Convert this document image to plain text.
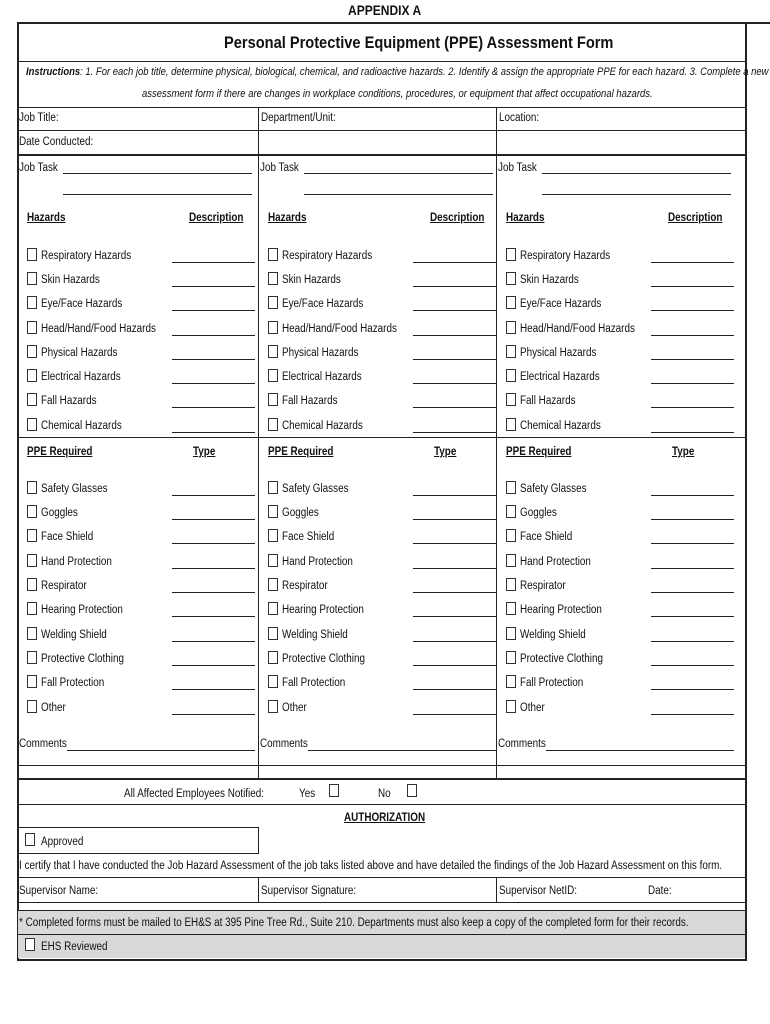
APPENDIX A
Personal Protective Equipment (PPE) Assessment Form
Instructions: 1. For each job title, determine physical, biological, chemical, and radioactive hazards. 2. Identify & assign the appropriate PPE for each hazard. 3. Complete a new
assessment form if there are changes in workplace conditions, procedures, or equipment that affect occupational hazards.
Job Title:	Department/Unit:	Location:
Date Conducted:
Job Task
Hazards	Description
Respiratory Hazards
Skin Hazards
Eye/Face Hazards
Head/Hand/Food Hazards
Physical Hazards
Electrical Hazards
Fall Hazards
Chemical Hazards
PPE Required	Type
Safety Glasses
Goggles
Face Shield
Hand Protection
Respirator
Hearing Protection
Welding Shield
Protective Clothing
Fall Protection
Other
Comments
Job Task
Hazards	Description
Respiratory Hazards
Skin Hazards
Eye/Face Hazards
Head/Hand/Food Hazards
Physical Hazards
Electrical Hazards
Fall Hazards
Chemical Hazards
PPE Required	Type
Safety Glasses
Goggles
Face Shield
Hand Protection
Respirator
Hearing Protection
Welding Shield
Protective Clothing
Fall Protection
Other
Comments
Job Task
Hazards	Description
Respiratory Hazards
Skin Hazards
Eye/Face Hazards
Head/Hand/Food Hazards
Physical Hazards
Electrical Hazards
Fall Hazards
Chemical Hazards
PPE Required	Type
Safety Glasses
Goggles
Face Shield
Hand Protection
Respirator
Hearing Protection
Welding Shield
Protective Clothing
Fall Protection
Other
Comments
All Affected Employees Notified:	Yes	No
AUTHORIZATION
Approved
I certify that I have conducted the Job Hazard Assessment of the job taks listed above and have detailed the findings of the Job Hazard Assessment on this form.
Supervisor Name:	Supervisor Signature:	Supervisor NetID:	Date:
* Completed forms must be mailed to EH&S at 395 Pine Tree Rd., Suite 210. Departments must also keep a copy of the completed form for their records.
EHS Reviewed
